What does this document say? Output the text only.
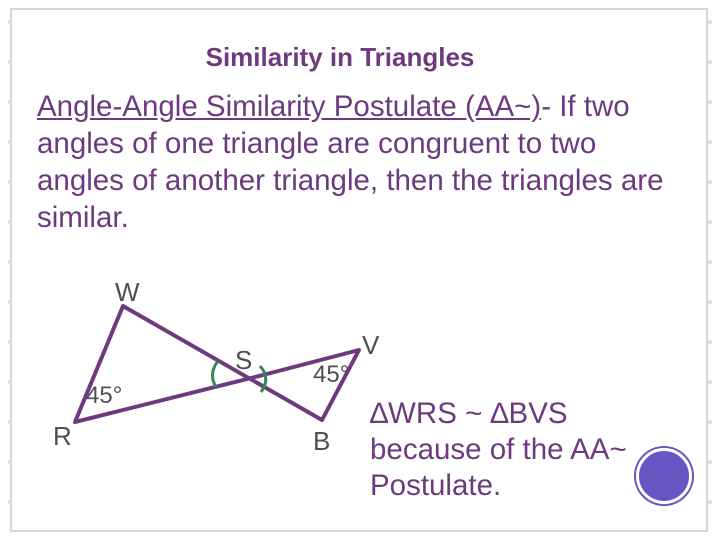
Similarity in Triangles
Angle-Angle Similarity Postulate (AA~)- If two angles of one triangle are congruent to two angles of another triangle, then the triangles are similar.
W
R
S	V
B
45°
45°
∆WRS ~ ∆BVS
because of the AA~
Postulate.
